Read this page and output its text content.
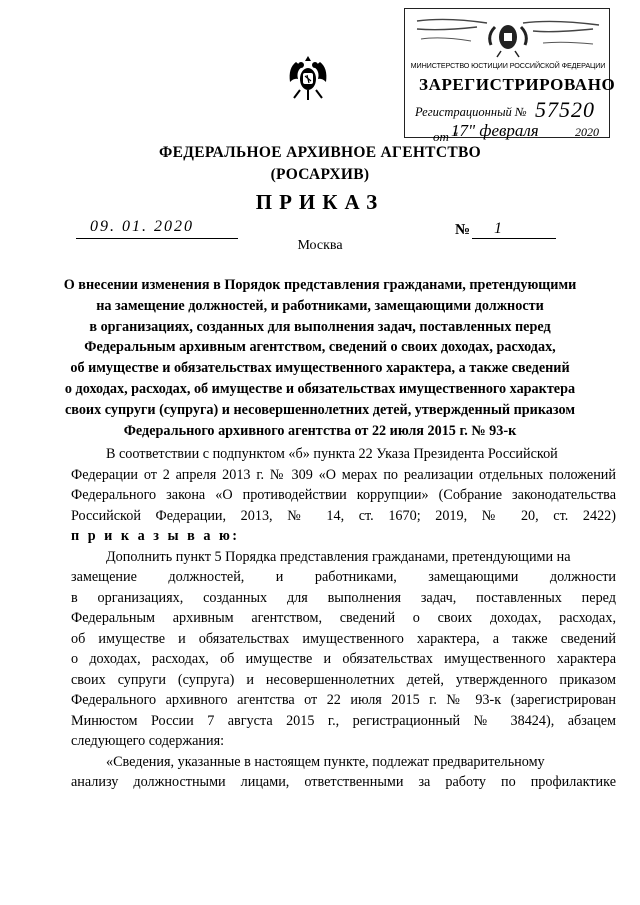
МИНИСТЕРСТВО ЮСТИЦИИ РОССИЙСКОЙ ФЕДЕРАЦИИ
ЗАРЕГИСТРИРОВАНО
Регистрационный № 57520
от "
17" февраля	2020
ФЕДЕРАЛЬНОЕ АРХИВНОЕ АГЕНТСТВО
(РОСАРХИВ)
ПРИКАЗ
09. 01. 2020	№	1
Москва
О внесении изменения в Порядок представления гражданами, претендующими
на замещение должностей, и работниками, замещающими должности
в организациях, созданных для выполнения задач, поставленных перед
Федеральным архивным агентством, сведений о своих доходах, расходах,
об имуществе и обязательствах имущественного характера, а также сведений
о доходах, расходах, об имуществе и обязательствах имущественного характера
своих супруги (супруга) и несовершеннолетних детей, утвержденный приказом
Федерального архивного агентства от 22 июля 2015 г. № 93-к
В соответствии с подпунктом «б» пункта 22 Указа Президента Российской
Федерации от 2 апреля 2013 г. № 309 «О мерах по реализации отдельных положений
Федерального закона «О противодействии коррупции» (Собрание законодательства
Российской Федерации, 2013, № 14, ст. 1670; 2019, № 20, ст. 2422)
п р и к а з ы в а ю:
Дополнить пункт 5 Порядка представления гражданами, претендующими на
замещение должностей, и работниками, замещающими должности
в организациях, созданных для выполнения задач, поставленных перед
Федеральным архивным агентством, сведений о своих доходах, расходах,
об имуществе и обязательствах имущественного характера, а также сведений
о доходах, расходах, об имуществе и обязательствах имущественного характера
своих супруги (супруга) и несовершеннолетних детей, утвержденного приказом
Федерального архивного агентства от 22 июля 2015 г. № 93-к (зарегистрирован
Минюстом России 7 августа 2015 г., регистрационный № 38424), абзацем
следующего содержания:
«Сведения, указанные в настоящем пункте, подлежат предварительному
анализу должностными лицами, ответственными за работу по профилактике
